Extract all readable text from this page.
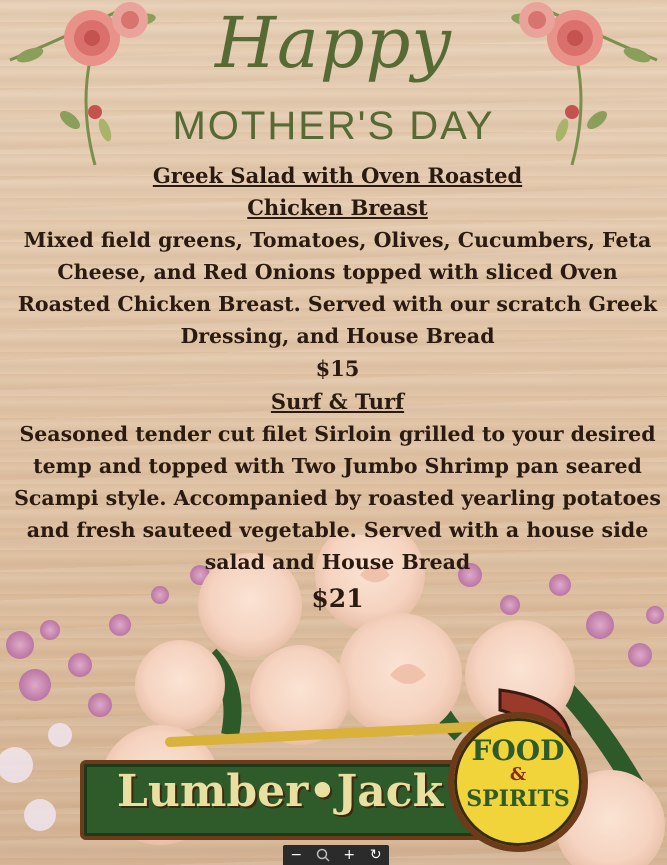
Happy
MOTHER'S DAY
Greek Salad with Oven Roasted
Chicken Breast
Mixed field greens, Tomatoes, Olives, Cucumbers, Feta Cheese, and Red Onions topped with sliced Oven Roasted Chicken Breast. Served with our scratch Greek Dressing, and House Bread
$15
Surf & Turf
Seasoned tender cut filet Sirloin grilled to your desired temp and topped with Two Jumbo Shrimp pan seared Scampi style. Accompanied by roasted yearling potatoes and fresh sauteed vegetable. Served with a house side salad and House Bread
$21
Lumber•Jack
FOOD
&
SPIRITS
−	+	↻
